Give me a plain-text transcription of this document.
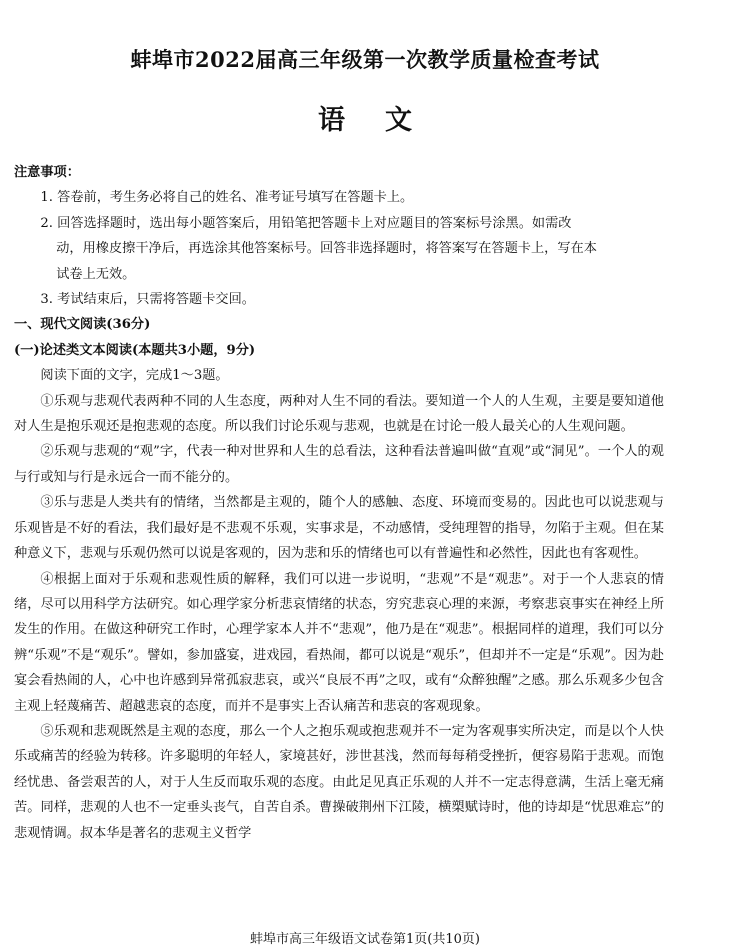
蚌埠市2022届高三年级第一次教学质量检查考试
语文

注意事项：

1. 答卷前，考生务必将自己的姓名、准考证号填写在答题卡上。

2. 回答选择题时，选出每小题答案后，用铅笔把答题卡上对应题目的答案标号涂黑。如需改

动，用橡皮擦干净后，再选涂其他答案标号。回答非选择题时，将答案写在答题卡上，写在本

试卷上无效。

3. 考试结束后，只需将答题卡交回。

一、现代文阅读(36分)

(一)论述类文本阅读(本题共3小题，9分)

阅读下面的文字，完成1～3题。

①乐观与悲观代表两种不同的人生态度，两种对人生不同的看法。要知道一个人的人生观，主要是要知道他对人生是抱乐观还是抱悲观的态度。所以我们讨论乐观与悲观，也就是在讨论一般人最关心的人生观问题。

②乐观与悲观的“观”字，代表一种对世界和人生的总看法，这种看法普遍叫做“直观”或“洞见”。一个人的观与行或知与行是永远合一而不能分的。

③乐与悲是人类共有的情绪，当然都是主观的，随个人的感触、态度、环境而变易的。因此也可以说悲观与乐观皆是不好的看法，我们最好是不悲观不乐观，实事求是，不动感情，受纯理智的指导，勿陷于主观。但在某种意义下，悲观与乐观仍然可以说是客观的，因为悲和乐的情绪也可以有普遍性和必然性，因此也有客观性。

④根据上面对于乐观和悲观性质的解释，我们可以进一步说明，“悲观”不是“观悲”。对于一个人悲哀的情绪，尽可以用科学方法研究。如心理学家分析悲哀情绪的状态，穷究悲哀心理的来源，考察悲哀事实在神经上所发生的作用。在做这种研究工作时，心理学家本人并不“悲观”，他乃是在“观悲”。根据同样的道理，我们可以分辨“乐观”不是“观乐”。譬如，参加盛宴，进戏园，看热闹，都可以说是“观乐”，但却并不一定是“乐观”。因为赴宴会看热闹的人，心中也许感到异常孤寂悲哀，或兴“良辰不再”之叹，或有“众醉独醒”之感。那么乐观多少包含主观上轻蔑痛苦、超越悲哀的态度，而并不是事实上否认痛苦和悲哀的客观现象。

⑤乐观和悲观既然是主观的态度，那么一个人之抱乐观或抱悲观并不一定为客观事实所决定，而是以个人快乐或痛苦的经验为转移。许多聪明的年轻人，家境甚好，涉世甚浅，然而每每稍受挫折，便容易陷于悲观。而饱经忧患、备尝艰苦的人，对于人生反而取乐观的态度。由此足见真正乐观的人并不一定志得意满，生活上毫无痛苦。同样，悲观的人也不一定垂头丧气，自苦自杀。曹操破荆州下江陵，横槊赋诗时，他的诗却是“忧思难忘”的悲观情调。叔本华是著名的悲观主义哲学

蚌埠市高三年级语文试卷第1页(共10页)
